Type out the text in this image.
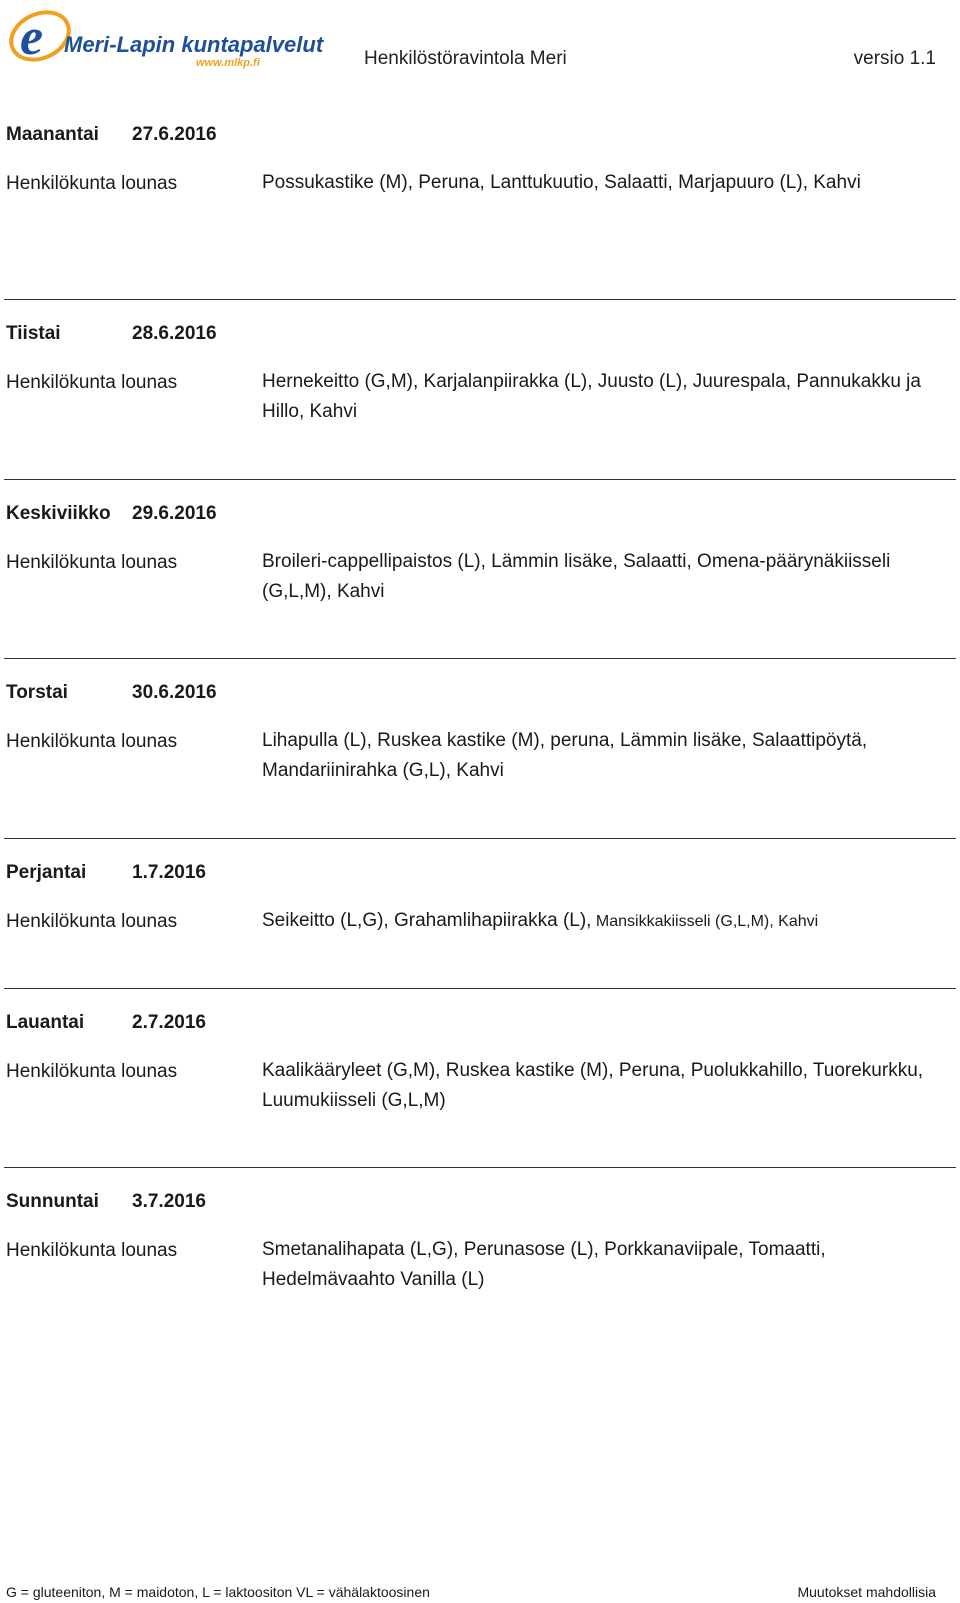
e Meri-Lapin kuntapalvelut
www.mlkp.fi	Henkilöstöravintola Meri	versio 1.1
Maanantai 27.6.2016
Henkilökunta lounas	Possukastike (M), Peruna, Lanttukuutio, Salaatti, Marjapuuro (L), Kahvi
Tiistai	28.6.2016
Henkilökunta lounas	Hernekeitto (G,M), Karjalanpiirakka (L), Juusto (L), Juurespala, Pannukakku ja Hillo, Kahvi
Keskiviikko 29.6.2016
Henkilökunta lounas	Broileri-cappellipaistos (L), Lämmin lisäke, Salaatti, Omena-päärynäkiisseli (G,L,M), Kahvi
Torstai	30.6.2016
Henkilökunta lounas	Lihapulla (L), Ruskea kastike (M), peruna, Lämmin lisäke, Salaattipöytä, Mandariinirahka (G,L), Kahvi
Perjantai 1.7.2016
Henkilökunta lounas	Seikeitto (L,G), Grahamlihapiirakka (L), Mansikkakiisseli (G,L,M), Kahvi
Lauantai	2.7.2016
Henkilökunta lounas	Kaalikääryleet (G,M), Ruskea kastike (M), Peruna, Puolukkahillo, Tuorekurkku, Luumukiisseli (G,L,M)
Sunnuntai 3.7.2016
Henkilökunta lounas	Smetanalihapata (L,G), Perunasose (L), Porkkanaviipale, Tomaatti, Hedelmävaahto Vanilla (L)
G = gluteeniton, M = maidoton, L = laktoositon VL = vähälaktoosinen	Muutokset mahdollisia
